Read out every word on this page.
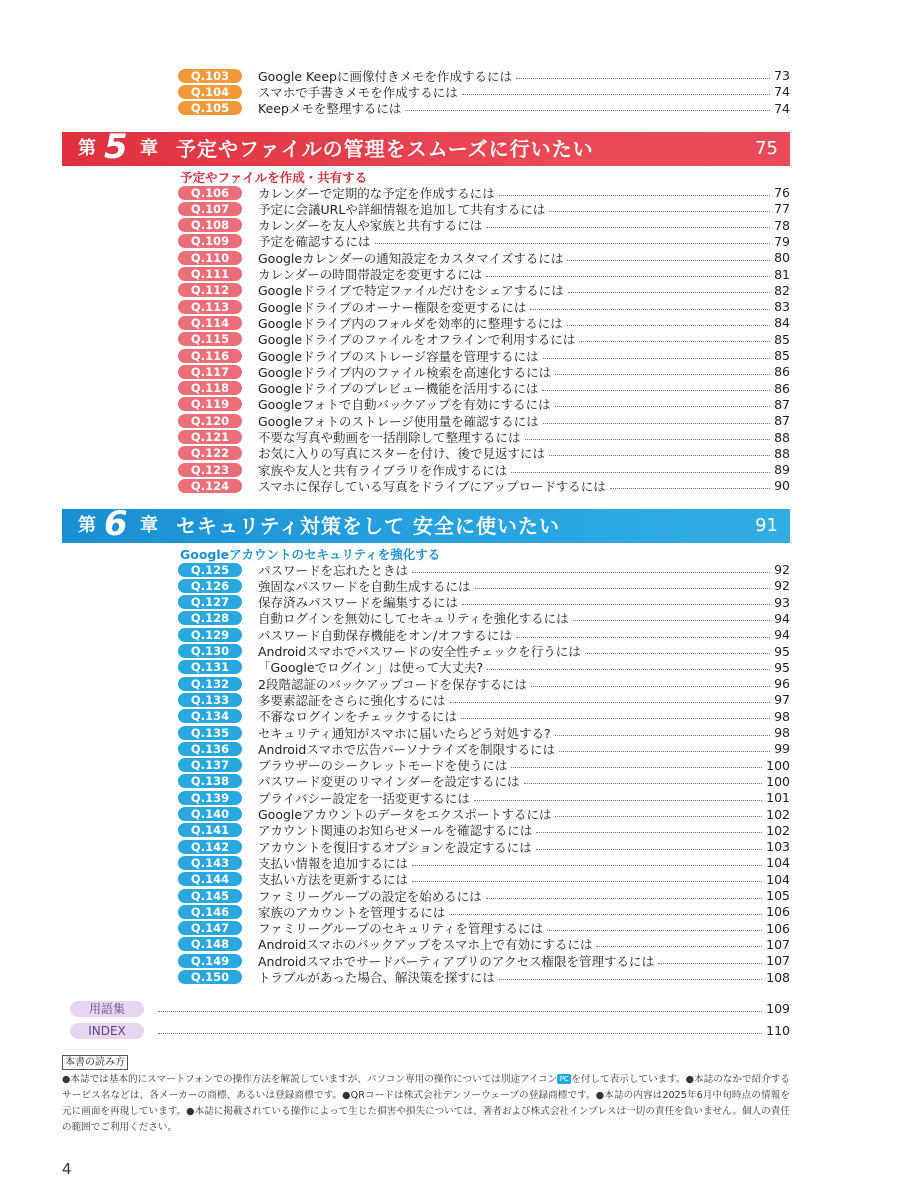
Q.103	Google Keepに画像付きメモを作成するには	73
Q.104	スマホで手書きメモを作成するには	74
Q.105	Keepメモを整理するには	74
第 5 章 予定やファイルの管理をスムーズに行いたい	75
予定やファイルを作成・共有する
Q.106	カレンダーで定期的な予定を作成するには	76
Q.107	予定に会議URLや詳細情報を追加して共有するには	77
Q.108	カレンダーを友人や家族と共有するには	78
Q.109	予定を確認するには	79
Q.110	Googleカレンダーの通知設定をカスタマイズするには	80
Q.111	カレンダーの時間帯設定を変更するには	81
Q.112	Googleドライブで特定ファイルだけをシェアするには	82
Q.113	Googleドライブのオーナー権限を変更するには	83
Q.114	Googleドライブ内のフォルダを効率的に整理するには	84
Q.115	Googleドライブのファイルをオフラインで利用するには	85
Q.116	Googleドライブのストレージ容量を管理するには	85
Q.117	Googleドライブ内のファイル検索を高速化するには	86
Q.118	Googleドライブのプレビュー機能を活用するには	86
Q.119	Googleフォトで自動バックアップを有効にするには	87
Q.120	Googleフォトのストレージ使用量を確認するには	87
Q.121	不要な写真や動画を一括削除して整理するには	88
Q.122	お気に入りの写真にスターを付け、後で見返すには	88
Q.123	家族や友人と共有ライブラリを作成するには	89
Q.124	スマホに保存している写真をドライブにアップロードするには	90
第 6 章 セキュリティ対策をして 安全に使いたい	91
Googleアカウントのセキュリティを強化する
Q.125	パスワードを忘れたときは	92
Q.126	強固なパスワードを自動生成するには	92
Q.127	保存済みパスワードを編集するには	93
Q.128	自動ログインを無効にしてセキュリティを強化するには	94
Q.129	パスワード自動保存機能をオン/オフするには	94
Q.130	Androidスマホでパスワードの安全性チェックを行うには	95
Q.131	「Googleでログイン」は使って大丈夫?	95
Q.132	2段階認証のバックアップコードを保存するには	96
Q.133	多要素認証をさらに強化するには	97
Q.134	不審なログインをチェックするには	98
Q.135	セキュリティ通知がスマホに届いたらどう対処する?	98
Q.136	Androidスマホで広告パーソナライズを制限するには	99
Q.137	ブラウザーのシークレットモードを使うには	100
Q.138	パスワード変更のリマインダーを設定するには	100
Q.139	プライバシー設定を一括変更するには	101
Q.140	Googleアカウントのデータをエクスポートするには	102
Q.141	アカウント関連のお知らせメールを確認するには	102
Q.142	アカウントを復旧するオプションを設定するには	103
Q.143	支払い情報を追加するには	104
Q.144	支払い方法を更新するには	104
Q.145	ファミリーグループの設定を始めるには	105
Q.146	家族のアカウントを管理するには	106
Q.147	ファミリーグループのセキュリティを管理するには	106
Q.148	Androidスマホのバックアップをスマホ上で有効にするには	107
Q.149	Androidスマホでサードパーティアプリのアクセス権限を管理するには	107
Q.150	トラブルがあった場合、解決策を探すには	108
用語集	109
INDEX	110
本書の読み方
●本誌では基本的にスマートフォンでの操作方法を解説していますが、パソコン専用の操作については別途アイコン PC を付して表示しています。●本誌のなかで紹介するサービス名などは、各メーカーの商標、あるいは登録商標です。●QRコードは株式会社デンソーウェーブの登録商標です。●本誌の内容は2025年6月中旬時点の情報を元に画面を再現しています。●本誌に掲載されている操作によって生じた損害や損失については、著者および株式会社インプレスは一切の責任を負いません。個人の責任の範囲でご利用ください。
4
